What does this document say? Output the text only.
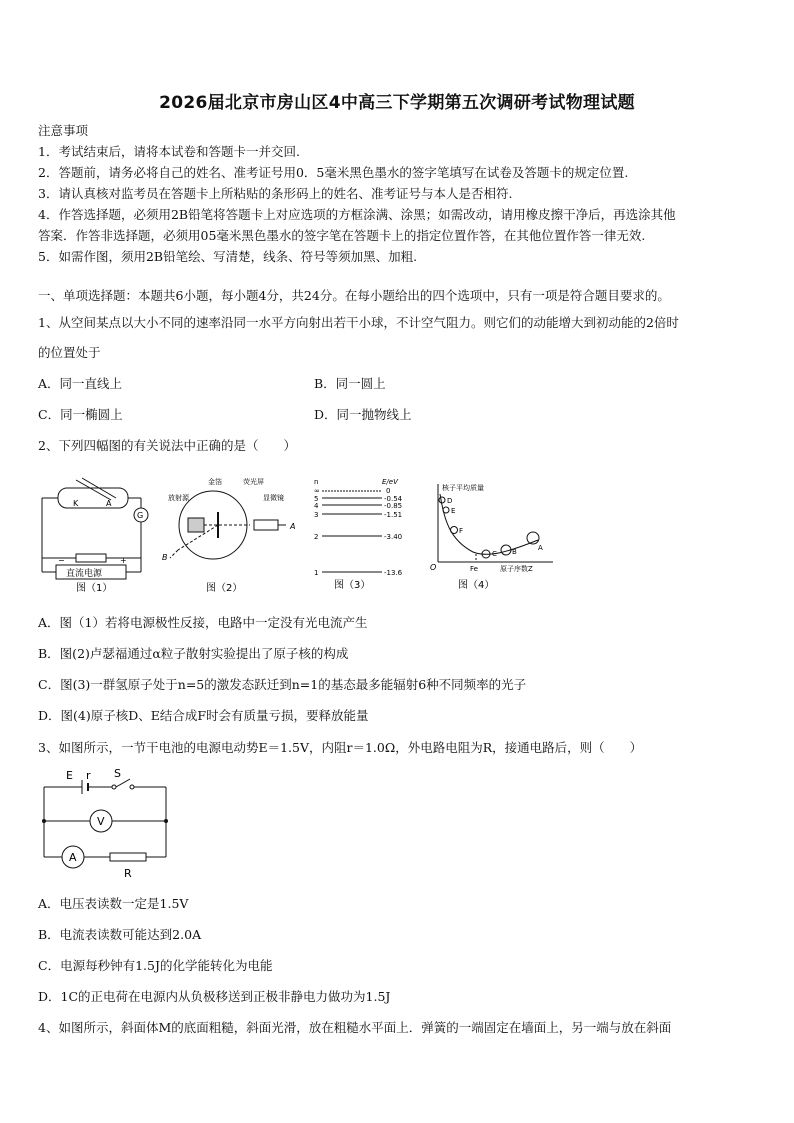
2026届北京市房山区4中高三下学期第五次调研考试物理试题
注意事项
1．考试结束后，请将本试卷和答题卡一并交回.
2．答题前，请务必将自己的姓名、准考证号用0．5毫米黑色墨水的签字笔填写在试卷及答题卡的规定位置.
3．请认真核对监考员在答题卡上所粘贴的条形码上的姓名、准考证号与本人是否相符.
4．作答选择题，必须用2B铅笔将答题卡上对应选项的方框涂满、涂黑；如需改动，请用橡皮擦干净后，再选涂其他
答案．作答非选择题，必须用05毫米黑色墨水的签字笔在答题卡上的指定位置作答，在其他位置作答一律无效.
5．如需作图，须用2B铅笔绘、写清楚，线条、符号等须加黑、加粗.
一、单项选择题：本题共6小题，每小题4分，共24分。在每小题给出的四个选项中，只有一项是符合题目要求的。
1、从空间某点以大小不同的速率沿同一水平方向射出若干小球，不计空气阻力。则它们的动能增大到初动能的2倍时
的位置处于
A．同一直线上	B．同一圆上
C．同一椭圆上	D．同一抛物线上
2、下列四幅图的有关说法中正确的是（　　）
K	A
G
直流电源
−	+
图（1）
金箔	荧光屏
放射源	显微镜
A
B
图（2）
n	E/eV
∞	0
5	-0.54
4	-0.85
3	-1.51
2	-3.40
1	-13.6
图（3）
核子平均质量
D
E
F
C B	A
O	Fe	原子序数Z
图（4）
A．图（1）若将电源极性反接，电路中一定没有光电流产生
B．图(2)卢瑟福通过α粒子散射实验提出了原子核的构成
C．图(3)一群氢原子处于n=5的激发态跃迁到n=1的基态最多能辐射6种不同频率的光子
D．图(4)原子核D、E结合成F时会有质量亏损，要释放能量
3、如图所示，一节干电池的电源电动势E＝1.5V，内阻r＝1.0Ω，外电路电阻为R，接通电路后，则（　　）
E r S
V
A
R
A．电压表读数一定是1.5V
B．电流表读数可能达到2.0A
C．电源每秒钟有1.5J的化学能转化为电能
D．1C的正电荷在电源内从负极移送到正极非静电力做功为1.5J
4、如图所示，斜面体M的底面粗糙，斜面光滑，放在粗糙水平面上．弹簧的一端固定在墙面上，另一端与放在斜面
